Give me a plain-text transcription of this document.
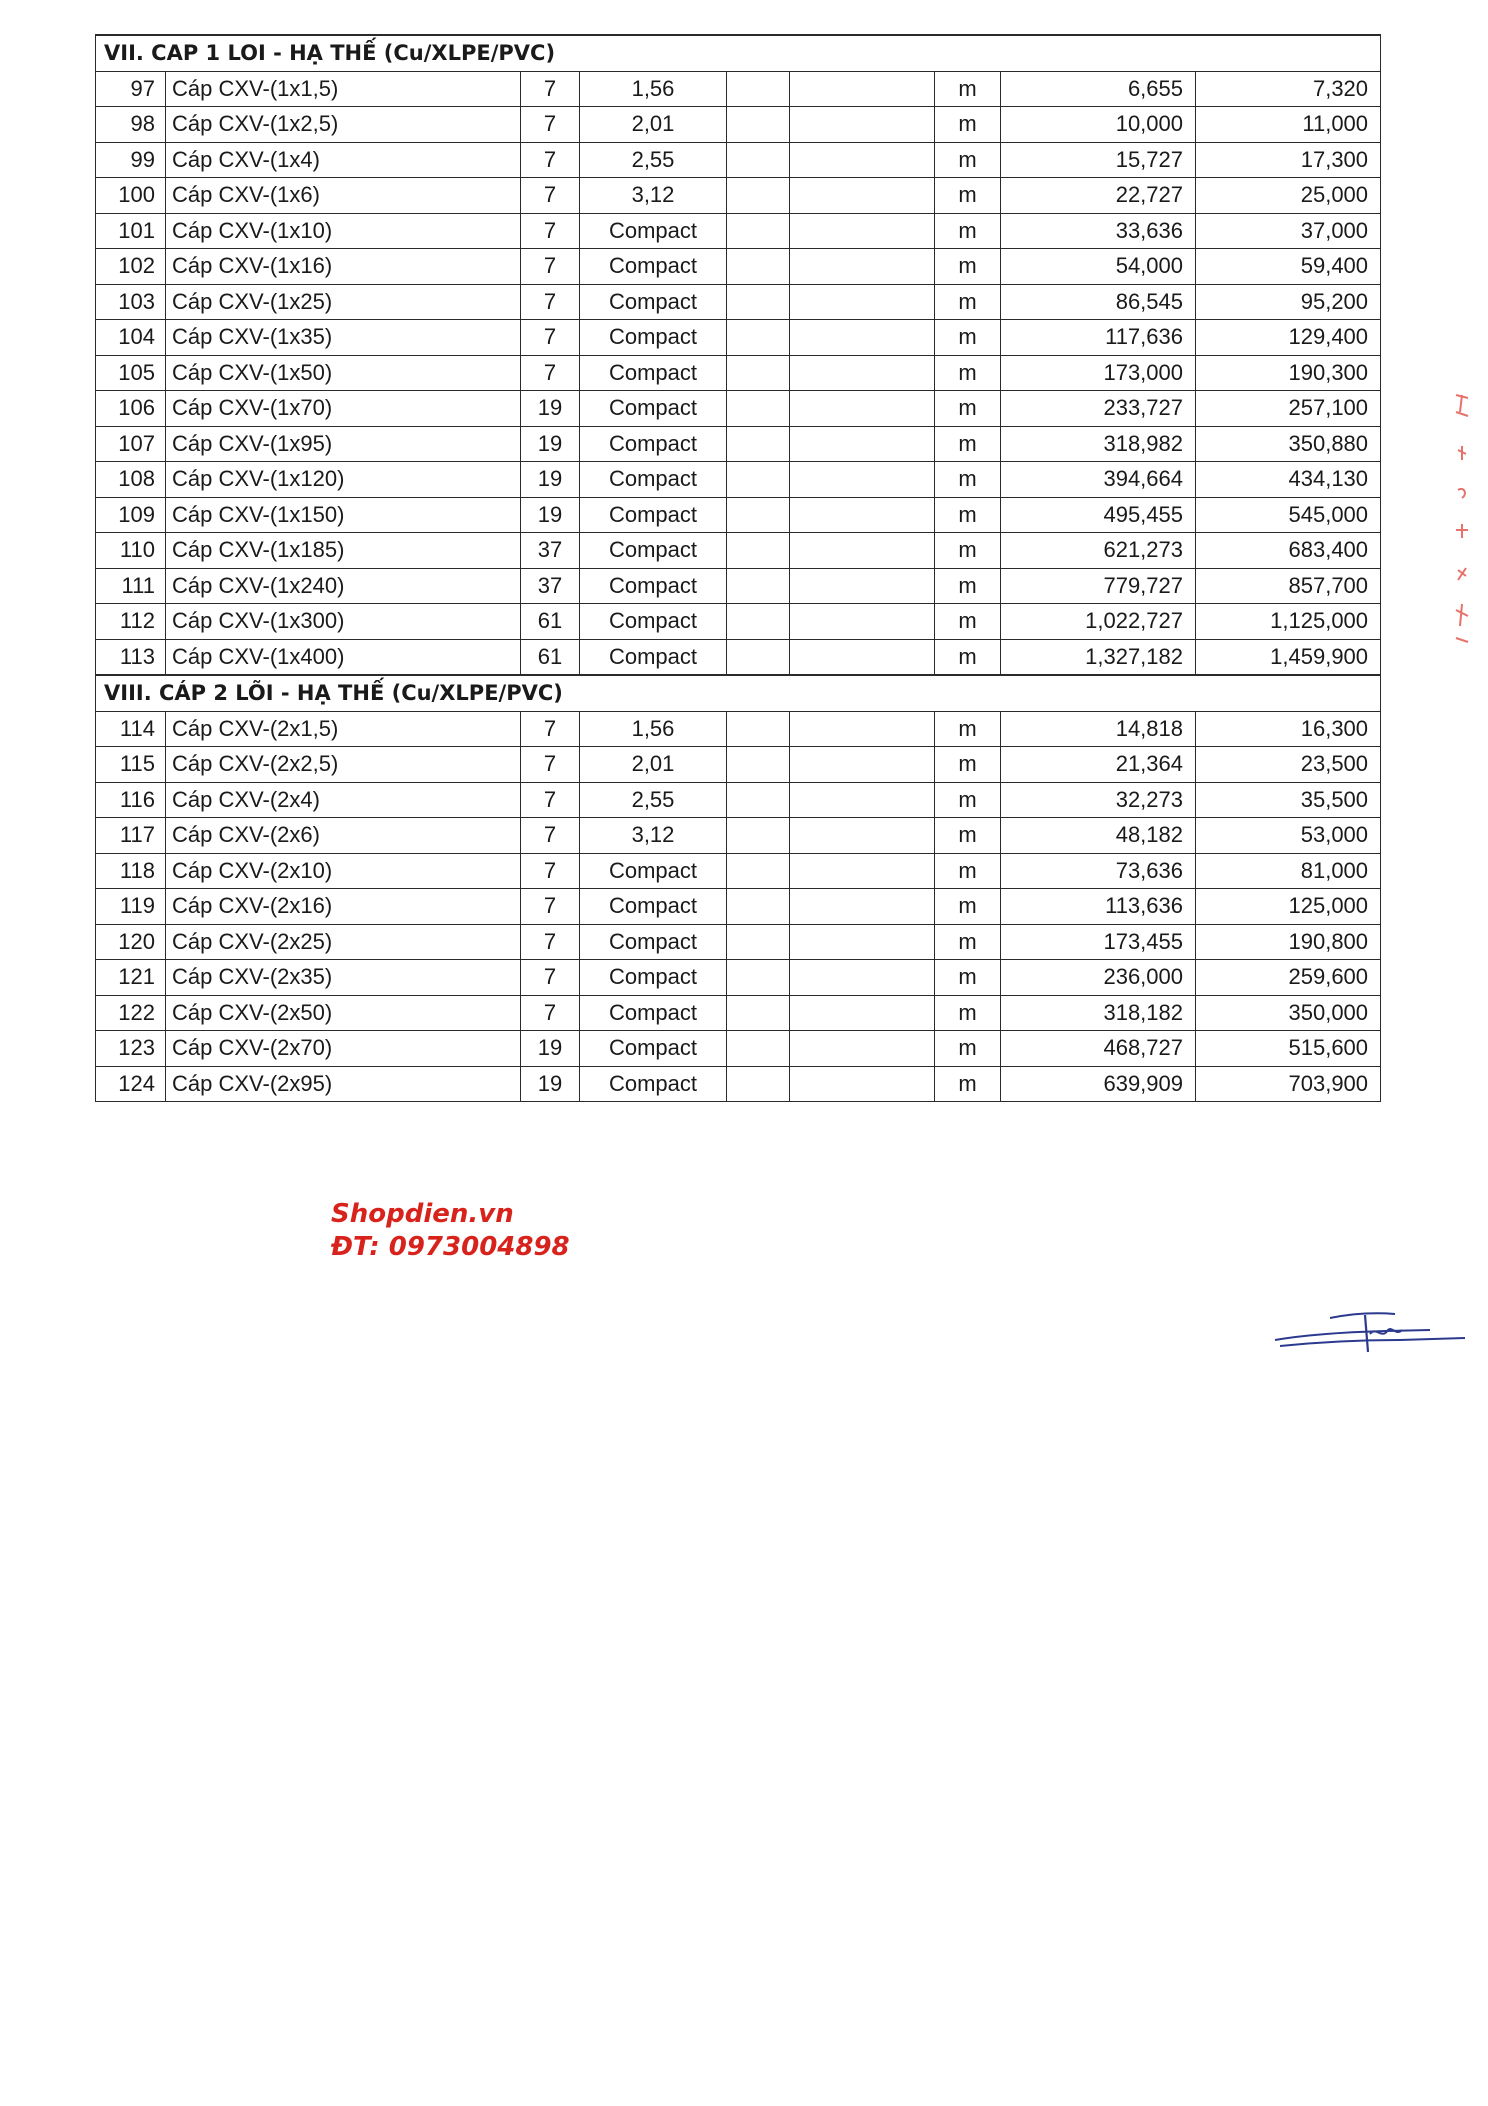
VII. CAP 1 LOI - HẠ THẾ (Cu/XLPE/PVC)								
97	Cáp CXV-(1x1,5)	7	1,56			m	6,655	7,320
98	Cáp CXV-(1x2,5)	7	2,01			m	10,000	11,000
99	Cáp CXV-(1x4)	7	2,55			m	15,727	17,300
100	Cáp CXV-(1x6)	7	3,12			m	22,727	25,000
101	Cáp CXV-(1x10)	7	Compact			m	33,636	37,000
102	Cáp CXV-(1x16)	7	Compact			m	54,000	59,400
103	Cáp CXV-(1x25)	7	Compact			m	86,545	95,200
104	Cáp CXV-(1x35)	7	Compact			m	117,636	129,400
105	Cáp CXV-(1x50)	7	Compact			m	173,000	190,300
106	Cáp CXV-(1x70)	19	Compact			m	233,727	257,100
107	Cáp CXV-(1x95)	19	Compact			m	318,982	350,880
108	Cáp CXV-(1x120)	19	Compact			m	394,664	434,130
109	Cáp CXV-(1x150)	19	Compact			m	495,455	545,000
110	Cáp CXV-(1x185)	37	Compact			m	621,273	683,400
111	Cáp CXV-(1x240)	37	Compact			m	779,727	857,700
112	Cáp CXV-(1x300)	61	Compact			m	1,022,727	1,125,000
113	Cáp CXV-(1x400)	61	Compact			m	1,327,182	1,459,900
VIII. CÁP 2 LÕI - HẠ THẾ (Cu/XLPE/PVC)								
114	Cáp CXV-(2x1,5)	7	1,56			m	14,818	16,300
115	Cáp CXV-(2x2,5)	7	2,01			m	21,364	23,500
116	Cáp CXV-(2x4)	7	2,55			m	32,273	35,500
117	Cáp CXV-(2x6)	7	3,12			m	48,182	53,000
118	Cáp CXV-(2x10)	7	Compact			m	73,636	81,000
119	Cáp CXV-(2x16)	7	Compact			m	113,636	125,000
120	Cáp CXV-(2x25)	7	Compact			m	173,455	190,800
121	Cáp CXV-(2x35)	7	Compact			m	236,000	259,600
122	Cáp CXV-(2x50)	7	Compact			m	318,182	350,000
123	Cáp CXV-(2x70)	19	Compact			m	468,727	515,600
124	Cáp CXV-(2x95)	19	Compact			m	639,909	703,900
Shopdien.vn
ĐT: 0973004898
